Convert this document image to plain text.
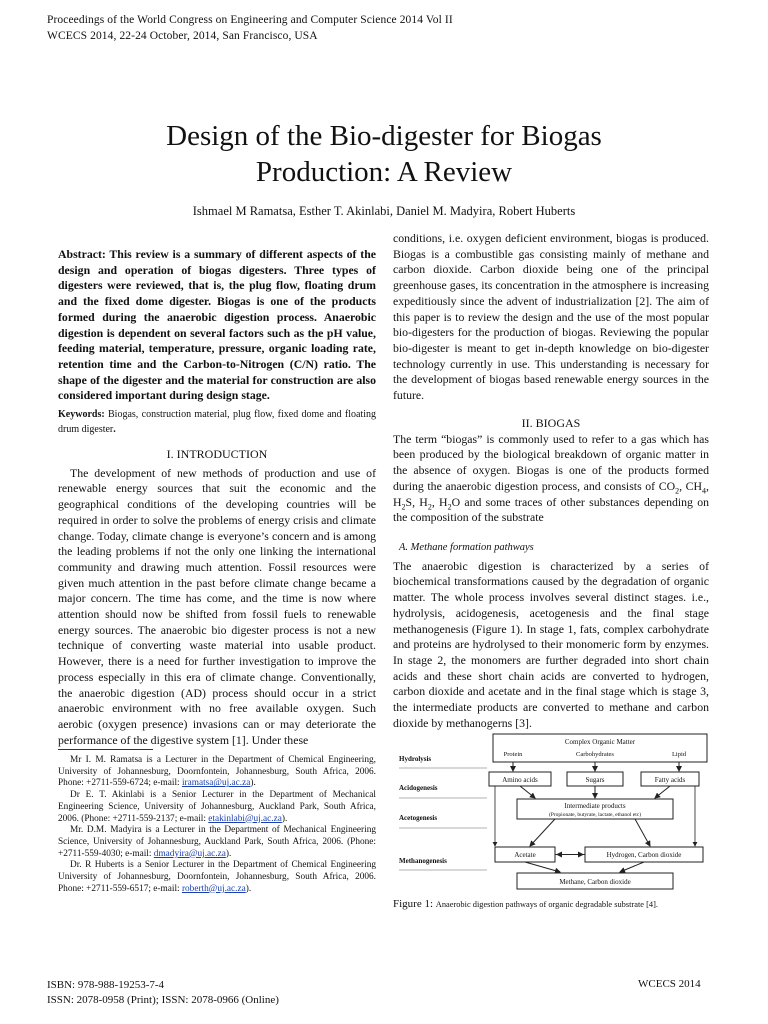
Proceedings of the World Congress on Engineering and Computer Science 2014 Vol II
WCECS 2014, 22-24 October, 2014, San Francisco, USA
Design of the Bio-digester for Biogas
Production: A Review
Ishmael M Ramatsa, Esther T. Akinlabi, Daniel M. Madyira, Robert Huberts
Abstract: This review is a summary of different aspects of the design and operation of biogas digesters. Three types of digesters were reviewed, that is, the plug flow, floating drum and the fixed dome digester. Biogas is one of the products formed during the anaerobic digestion process. Anaerobic digestion is dependent on several factors such as the pH value, feeding material, temperature, pressure, organic loading rate, retention time and the Carbon-to-Nitrogen (C/N) ratio. The shape of the digester and the material for construction are also considered important during design stage.
Keywords: Biogas, construction material, plug flow, fixed dome and floating drum digester.
I. INTRODUCTION
The development of new methods of production and use of renewable energy sources that suit the economic and the geographical conditions of the developing countries will be required in order to solve the problems of energy crisis and climate change. Today, climate change is everyone’s concern and is among the leading problems if not the only one linking the international community and drawing much attention. Fossil resources were given much attention in the past before climate change became a major concern. The time has come, and the time is now where attention should now be shifted from fossil fuels to renewable energy sources. The anaerobic bio digester process is not a new technique of converting waste material into usable product. However, there is a need for further investigation to improve the process especially in this era of climate change. Conventionally, the anaerobic digestion (AD) process should occur in a strict anaerobic environment with no free available oxygen. Such aerobic (oxygen presence) invasions can or may deteriorate the performance of the digestive system [1]. Under these
Mr I. M. Ramatsa is a Lecturer in the Department of Chemical Engineering, University of Johannesburg, Doornfontein, Johannesburg, South Africa, 2006. Phone: +2711-559-6724; e-mail: iramatsa@uj.ac.za).
Dr E. T. Akinlabi is a Senior Lecturer in the Department of Mechanical Engineering Science, University of Johannesburg, Auckland Park, South Africa, 2006. (Phone: +2711-559-2137; e-mail: etakinlabi@uj.ac.za).
Mr. D.M. Madyira is a Lecturer in the Department of Mechanical Engineering Science, University of Johannesburg, Auckland Park, South Africa, 2006. (Phone: +2711-559-4030; e-mail: dmadyira@uj.ac.za).
Dr. R Huberts is a Senior Lecturer in the Department of Chemical Engineering University of Johannesburg, Doornfontein, Johannesburg, South Africa, 2006. Phone: +2711-559-6517; e-mail: roberth@uj.ac.za).
conditions, i.e. oxygen deficient environment, biogas is produced. Biogas is a combustible gas consisting mainly of methane and carbon dioxide. Carbon dioxide being one of the principal greenhouse gases, its concentration in the atmosphere is increasing expeditiously since the advent of industrialization [2]. The aim of this paper is to review the design and the use of the most popular bio-digesters for the production of biogas. Reviewing the popular bio-digester is meant to get in-depth knowledge on bio-digester technology currently in use. This understanding is necessary for the development of biogas based renewable energy sources in the future.
II. BIOGAS
The term “biogas” is commonly used to refer to a gas which has been produced by the biological breakdown of organic matter in the absence of oxygen. Biogas is one of the products formed during the anaerobic digestion process, and consists of $CO_2$, $CH_4$, $H_2S$, $H_2$, $H_2O$ and some traces of other substances depending on the composition of the substrate
A. Methane formation pathways
The anaerobic digestion is characterized by a series of biochemical transformations caused by the degradation of organic matter. The whole process involves several distinct stages. i.e., hydrolysis, acidogenesis, acetogenesis and the final stage methanogenesis (Figure 1). In stage 1, fats, complex carbohydrate and proteins are hydrolysed to their monomeric form by enzymes. In stage 2, the monomers are further degraded into short chain acids and these short chain acids are converted to hydrogen, carbon dioxide and acetate and in the final stage which is stage 3, the intermediate products are converted to methane and carbon dioxide by methanogerns [3].
Hydrolysis
Acidogenesis
Acetogenesis
Methanogenesis
Complex Organic Matter
Protein	Carbohydrates	Lipid
Amino acids	Sugars	Fatty acids
Intermediate products
(Propionate, butyrate, lactate, ethanol etc)
Acetate	Hydrogen, Carbon dioxide
Methane, Carbon dioxide
Figure 1: Anaerobic digestion pathways of organic degradable substrate [4].
ISBN: 978-988-19253-7-4
ISSN: 2078-0958 (Print); ISSN: 2078-0966 (Online)
WCECS 2014
